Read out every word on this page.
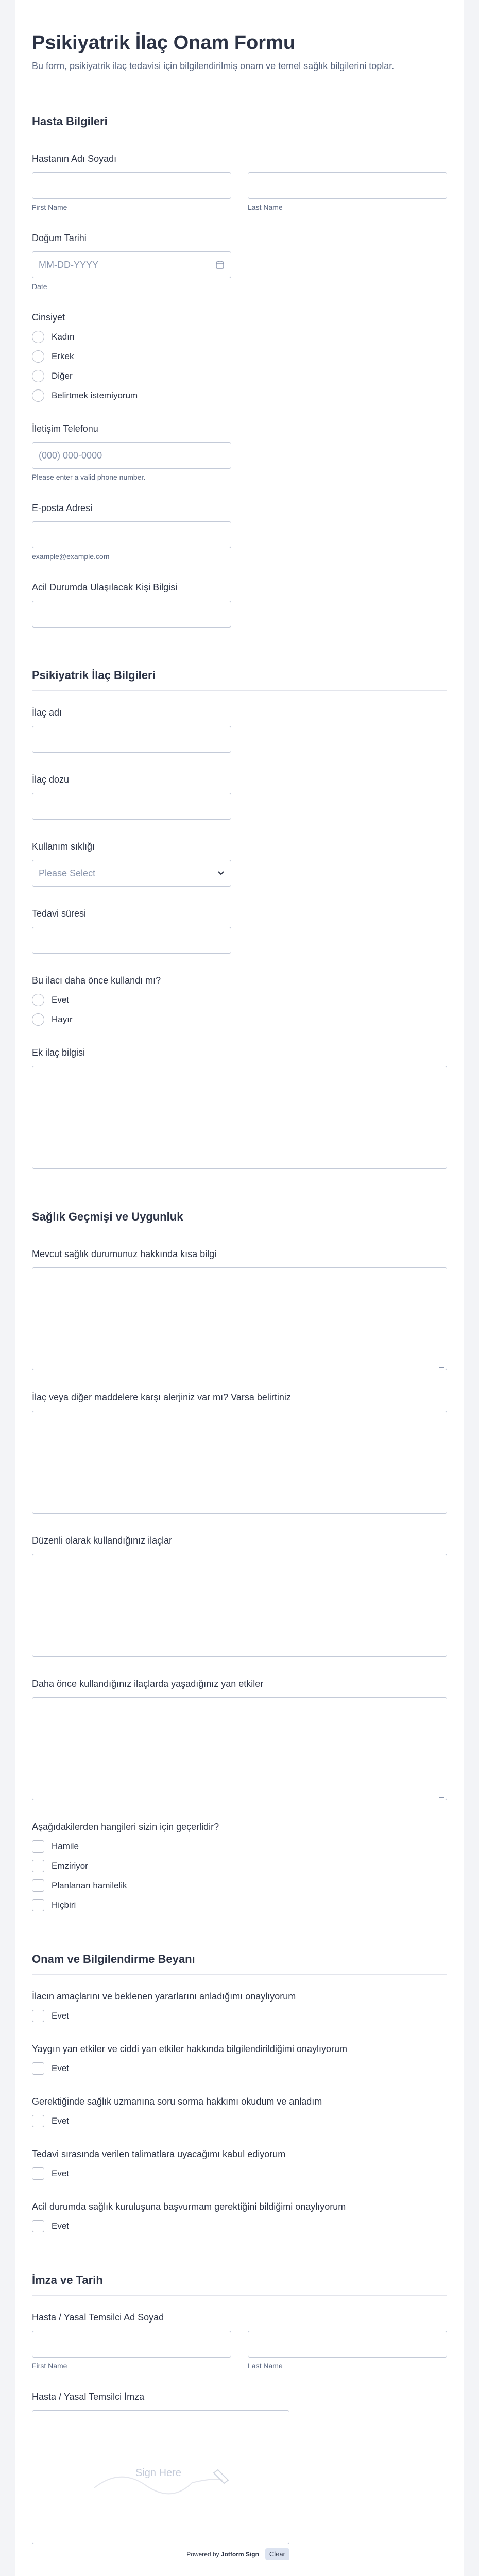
Psikiyatrik İlaç Onam Formu
Bu form, psikiyatrik ilaç tedavisi için bilgilendirilmiş onam ve temel sağlık bilgilerini toplar.
Hasta Bilgileri
Hastanın Adı Soyadı
First Name	Last Name
Doğum Tarihi
MM-DD-YYYY
Date
Cinsiyet
Kadın
Erkek
Diğer
Belirtmek istemiyorum
İletişim Telefonu
(000) 000-0000
Please enter a valid phone number.
E-posta Adresi
example@example.com
Acil Durumda Ulaşılacak Kişi Bilgisi
Psikiyatrik İlaç Bilgileri
İlaç adı
İlaç dozu
Kullanım sıklığı
Please Select
Tedavi süresi
Bu ilacı daha önce kullandı mı?
Evet
Hayır
Ek ilaç bilgisi
Sağlık Geçmişi ve Uygunluk
Mevcut sağlık durumunuz hakkında kısa bilgi
İlaç veya diğer maddelere karşı alerjiniz var mı? Varsa belirtiniz
Düzenli olarak kullandığınız ilaçlar
Daha önce kullandığınız ilaçlarda yaşadığınız yan etkiler
Aşağıdakilerden hangileri sizin için geçerlidir?
Hamile
Emziriyor
Planlanan hamilelik
Hiçbiri
Onam ve Bilgilendirme Beyanı
İlacın amaçlarını ve beklenen yararlarını anladığımı onaylıyorum
Evet
Yaygın yan etkiler ve ciddi yan etkiler hakkında bilgilendirildiğimi onaylıyorum
Evet
Gerektiğinde sağlık uzmanına soru sorma hakkımı okudum ve anladım
Evet
Tedavi sırasında verilen talimatlara uyacağımı kabul ediyorum
Evet
Acil durumda sağlık kuruluşuna başvurmam gerektiğini bildiğimi onaylıyorum
Evet
İmza ve Tarih
Hasta / Yasal Temsilci Ad Soyad
First Name	Last Name
Hasta / Yasal Temsilci İmza
Sign Here
Powered by Jotform Sign	Clear
